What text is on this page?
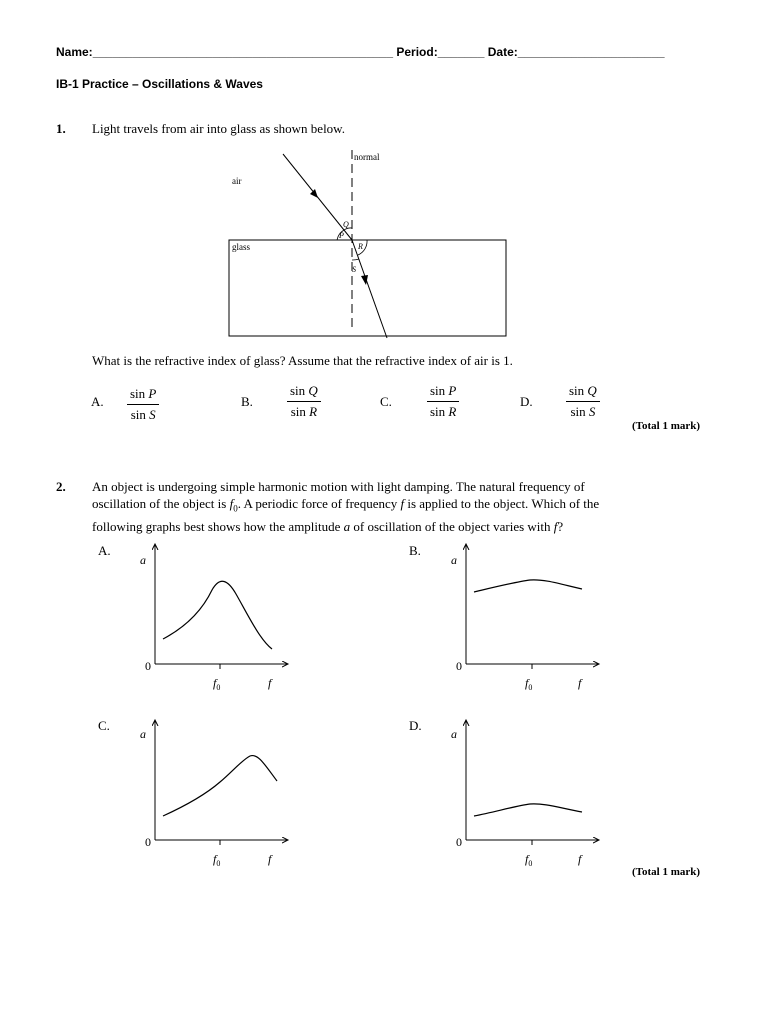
Name:_____________________________________________ Period:_______ Date:______________________
IB-1 Practice – Oscillations & Waves
1. Light travels from air into glass as shown below.
normal
air
glass
Q
P
R
S
What is the refractive index of glass? Assume that the refractive index of air is 1.
A. $\frac{\text{sin P}}{\text{sin S}}$	B.	$\frac{\text{sin Q}}{\text{sin R}}$	C.	$\frac{\text{sin P}}{\text{sin R}}$	D.	$\frac{\text{sin Q}}{\text{sin S}}$
(Total 1 mark)
2. An object is undergoing simple harmonic motion with light damping. The natural frequency of
oscillation of the object is $f_0$. A periodic force of frequency f is applied to the object. Which of the
following graphs best shows how the amplitude a of oscillation of the object varies with f?
A.
a
0
$f_0$	f
B.
a
0
$f_0$	f
C.
a
0
$f_0$	f
D.
a
0
$f_0$	f
(Total 1 mark)
